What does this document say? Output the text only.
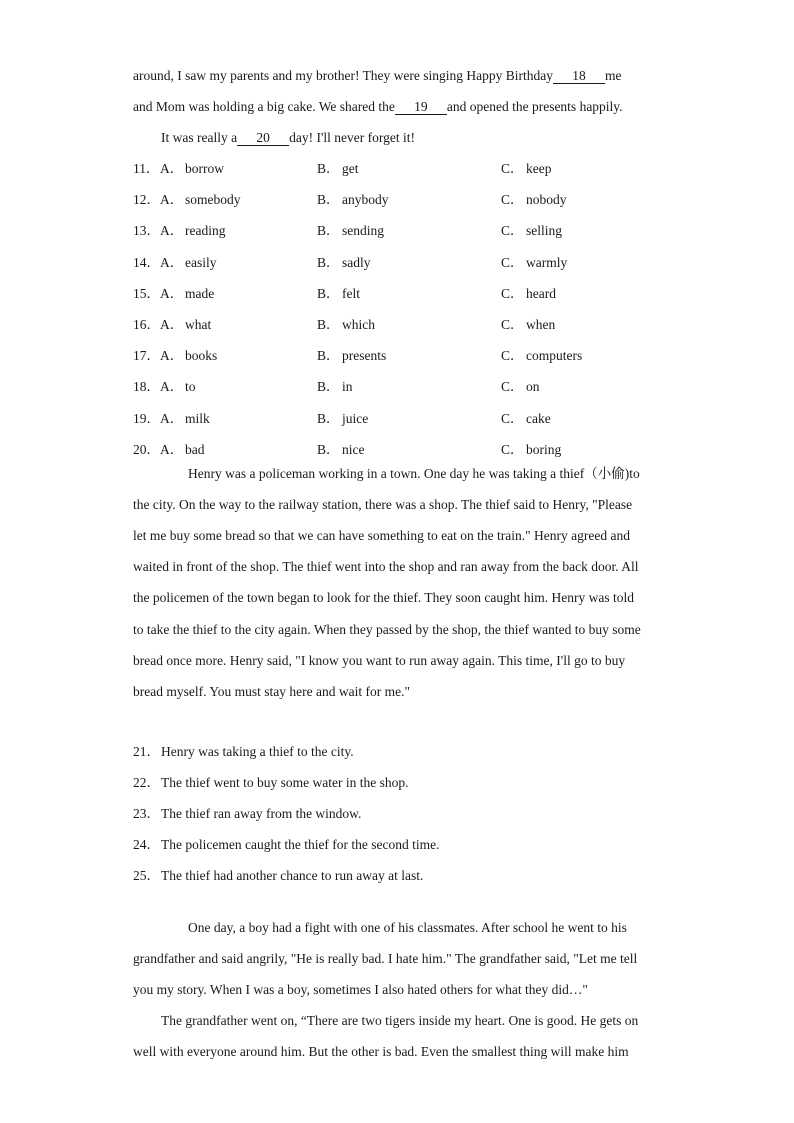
around, I saw my parents and my brother! They were singing Happy Birthday 18 me
and Mom was holding a big cake. We shared the 19 and opened the presents happily.
It was really a 20 day! I'll never forget it!
11． A． borrow	B． get	C． keep
12． A． somebody	B． anybody	C． nobody
13． A． reading	B． sending	C． selling
14． A． easily	B． sadly	C． warmly
15． A． made	B． felt	C． heard
16． A． what	B． which	C． when
17． A． books	B． presents	C． computers
18． A． to	B． in	C． on
19． A． milk	B． juice	C． cake
20． A． bad	B． nice	C． boring
Henry was a policeman working in a town. One day he was taking a thief（小偷)to
the city. On the way to the railway station, there was a shop. The thief said to Henry, "Please
let me buy some bread so that we can have something to eat on the train." Henry agreed and
waited in front of the shop. The thief went into the shop and ran away from the back door. All
the policemen of the town began to look for the thief. They soon caught him. Henry was told
to take the thief to the city again. When they passed by the shop, the thief wanted to buy some
bread once more. Henry said, "I know you want to run away again. This time, I'll go to buy
bread myself. You must stay here and wait for me."
21．Henry was taking a thief to the city.
22．The thief went to buy some water in the shop.
23．The thief ran away from the window.
24．The policemen caught the thief for the second time.
25．The thief had another chance to run away at last.
One day, a boy had a fight with one of his classmates. After school he went to his
grandfather and said angrily, "He is really bad. I hate him." The grandfather said, "Let me tell
you my story. When I was a boy, sometimes I also hated others for what they did…"
The grandfather went on, “There are two tigers inside my heart. One is good. He gets on
well with everyone around him. But the other is bad. Even the smallest thing will make him
